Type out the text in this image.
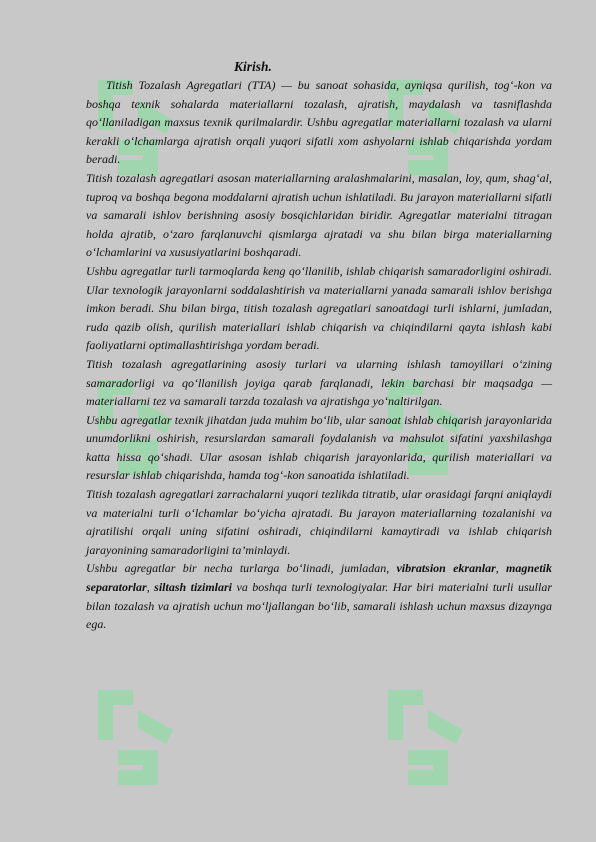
Kirish.

Titish Tozalash Agregatlari (TTA) — bu sanoat sohasida, ayniqsa qurilish, tog‘-kon va boshqa texnik sohalarda materiallarni tozalash, ajratish, maydalash va tasniflashda qo‘llaniladigan maxsus texnik qurilmalardir. Ushbu agregatlar materiallarni tozalash va ularni kerakli o‘lchamlarga ajratish orqali yuqori sifatli xom ashyolarni ishlab chiqarishda yordam beradi.

Titish tozalash agregatlari asosan materiallarning aralashmalarini, masalan, loy, qum, shag‘al, tuproq va boshqa begona moddalarni ajratish uchun ishlatiladi. Bu jarayon materiallarni sifatli va samarali ishlov berishning asosiy bosqichlaridan biridir. Agregatlar materialni titragan holda ajratib, o‘zaro farqlanuvchi qismlarga ajratadi va shu bilan birga materiallarning o‘lchamlarini va xususiyatlarini boshqaradi.

Ushbu agregatlar turli tarmoqlarda keng qo‘llanilib, ishlab chiqarish samaradorligini oshiradi. Ular texnologik jarayonlarni soddalashtirish va materiallarni yanada samarali ishlov berishga imkon beradi. Shu bilan birga, titish tozalash agregatlari sanoatdagi turli ishlarni, jumladan, ruda qazib olish, qurilish materiallari ishlab chiqarish va chiqindilarni qayta ishlash kabi faoliyatlarni optimallashtirishga yordam beradi.

Titish tozalash agregatlarining asosiy turlari va ularning ishlash tamoyillari o‘zining samaradorligi va qo‘llanilish joyiga qarab farqlanadi, lekin barchasi bir maqsadga — materiallarni tez va samarali tarzda tozalash va ajratishga yo‘naltirilgan.

Ushbu agregatlar texnik jihatdan juda muhim bo‘lib, ular sanoat ishlab chiqarish jarayonlarida unumdorlikni oshirish, resurslardan samarali foydalanish va mahsulot sifatini yaxshilashga katta hissa qo‘shadi. Ular asosan ishlab chiqarish jarayonlarida, qurilish materiallari va resurslar ishlab chiqarishda, hamda tog‘-kon sanoatida ishlatiladi.

Titish tozalash agregatlari zarrachalarni yuqori tezlikda titratib, ular orasidagi farqni aniqlaydi va materialni turli o‘lchamlar bo‘yicha ajratadi. Bu jarayon materiallarning tozalanishi va ajratilishi orqali uning sifatini oshiradi, chiqindilarni kamaytiradi va ishlab chiqarish jarayonining samaradorligini ta’minlaydi.

Ushbu agregatlar bir necha turlarga bo‘linadi, jumladan, vibratsion ekranlar, magnetik separatorlar, siltash tizimlari va boshqa turli texnologiyalar. Har biri materialni turli usullar bilan tozalash va ajratish uchun mo‘ljallangan bo‘lib, samarali ishlash uchun maxsus dizaynga ega.
